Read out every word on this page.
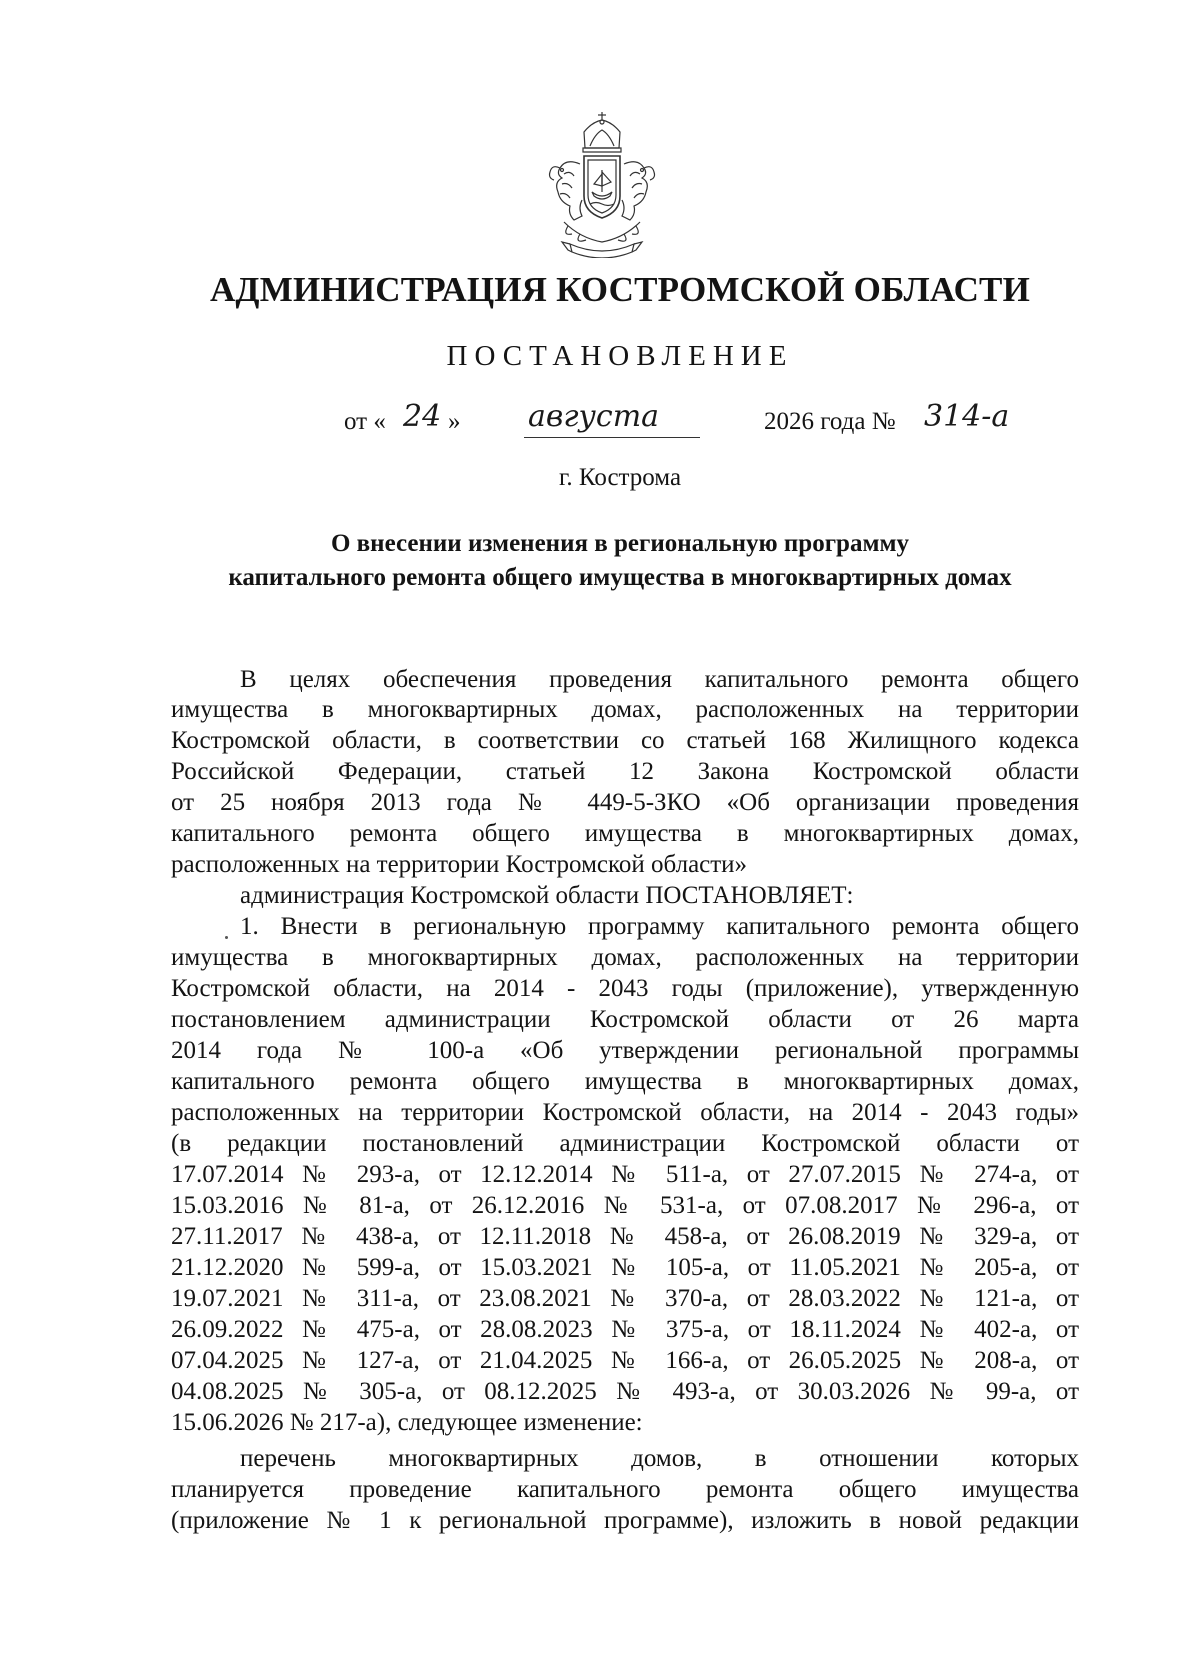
АДМИНИСТРАЦИЯ КОСТРОМСКОЙ ОБЛАСТИ
ПОСТАНОВЛЕНИЕ
от « 24 » августа	2026 года № 314-а
г. Кострома
О внесении изменения в региональную программу
капитального ремонта общего имущества в многоквартирных домах
В целях обеспечения проведения капитального ремонта общего
имущества в многоквартирных домах, расположенных на территории
Костромской области, в соответствии со статьей 168 Жилищного кодекса
Российской Федерации, статьей 12 Закона Костромской области
от 25 ноября 2013 года № 449-5-ЗКО «Об организации проведения
капитального ремонта общего имущества в многоквартирных домах,
расположенных на территории Костромской области»
администрация Костромской области ПОСТАНОВЛЯЕТ:
1. Внести в региональную программу капитального ремонта общего
имущества в многоквартирных домах, расположенных на территории
Костромской области, на 2014 - 2043 годы (приложение), утвержденную
постановлением администрации Костромской области от 26 марта
2014 года № 100-а «Об утверждении региональной программы
капитального ремонта общего имущества в многоквартирных домах,
расположенных на территории Костромской области, на 2014 - 2043 годы»
(в редакции постановлений администрации Костромской области от
17.07.2014 № 293-а, от 12.12.2014 № 511-а, от 27.07.2015 № 274-а, от
15.03.2016 № 81-а, от 26.12.2016 № 531-а, от 07.08.2017 № 296-а, от
27.11.2017 № 438-а, от 12.11.2018 № 458-а, от 26.08.2019 № 329-а, от
21.12.2020 № 599-а, от 15.03.2021 № 105-а, от 11.05.2021 № 205-а, от
19.07.2021 № 311-а, от 23.08.2021 № 370-а, от 28.03.2022 № 121-а, от
26.09.2022 № 475-а, от 28.08.2023 № 375-а, от 18.11.2024 № 402-а, от
07.04.2025 № 127-а, от 21.04.2025 № 166-а, от 26.05.2025 № 208-а, от
04.08.2025 № 305-а, от 08.12.2025 № 493-а, от 30.03.2026 № 99-а, от
15.06.2026 № 217-а), следующее изменение:
перечень многоквартирных домов, в отношении которых
планируется проведение капитального ремонта общего имущества
(приложение № 1 к региональной программе), изложить в новой редакции
